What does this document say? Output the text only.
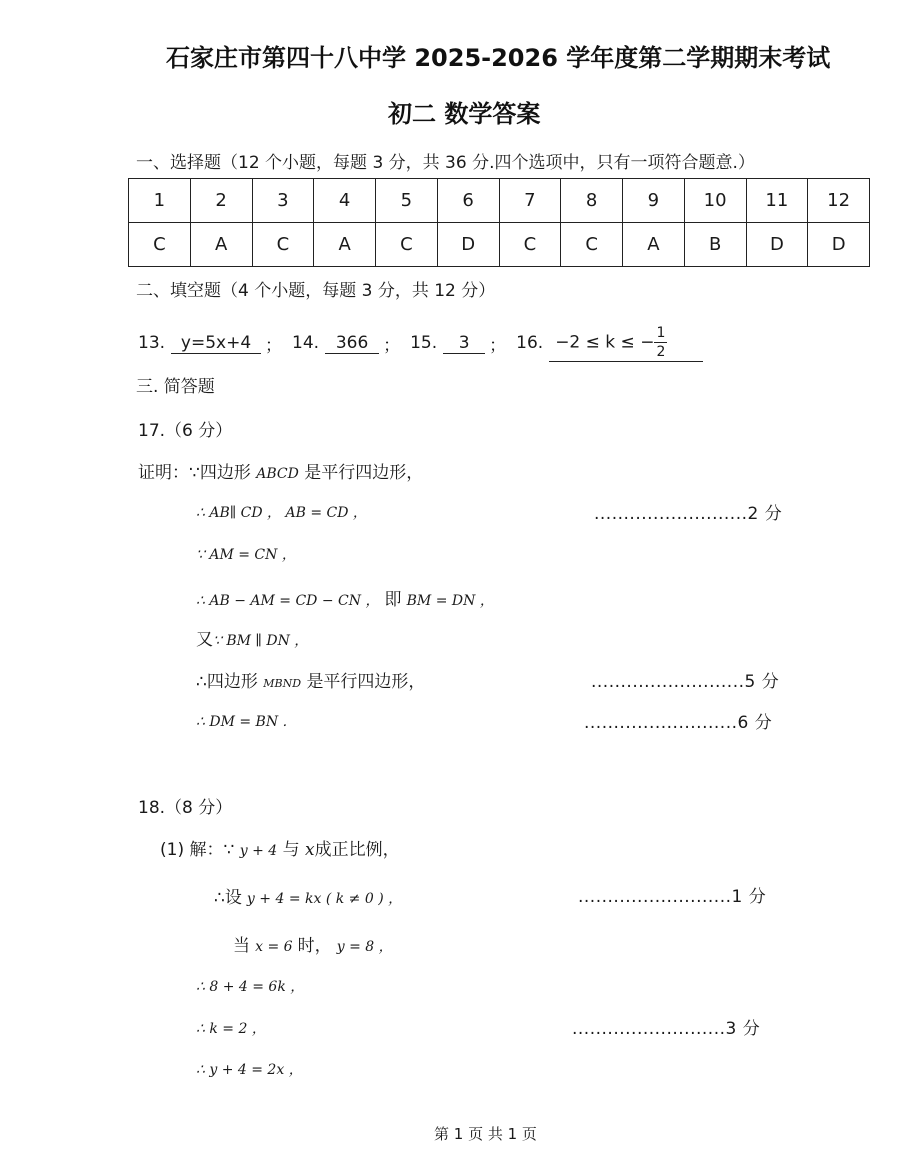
石家庄市第四十八中学 2025-2026 学年度第二学期期末考试
初二 数学答案
一、选择题（12 个小题，每题 3 分，共 36 分.四个选项中，只有一项符合题意.）
1	2	3	4	5	6	7	8	9	10	11	12
C	A	C	A	C	D	C	C	A	B	D	D
二、填空题（4 个小题，每题 3 分，共 12 分）
13. y=5x+4 ； 14. 366 ； 15.	3	； 16. −2 ≤ k ≤ − $\frac{1}{2}$
三. 简答题
17.（6 分）
证明：∵四边形 ABCD 是平行四边形，
∴ AB∥ CD ， AB = CD ，	..........................2 分
∵ AM = CN ，
∴ AB − AM = CD − CN ， 即 BM = DN ，
又∵ BM ∥ DN ，
∴四边形 MBND 是平行四边形，	..........................5 分
∴ DM = BN ．	..........................6 分
18.（8 分）
(1) 解：∵ y + 4 与 x成正比例，
∴设 y + 4 = kx ( k ≠ 0 ) ，	..........................1 分
当 x = 6 时， y = 8 ，
∴ 8 + 4 = 6k ，
∴ k = 2 ，	..........................3 分
∴ y + 4 = 2x ，
第 1 页 共 1 页
